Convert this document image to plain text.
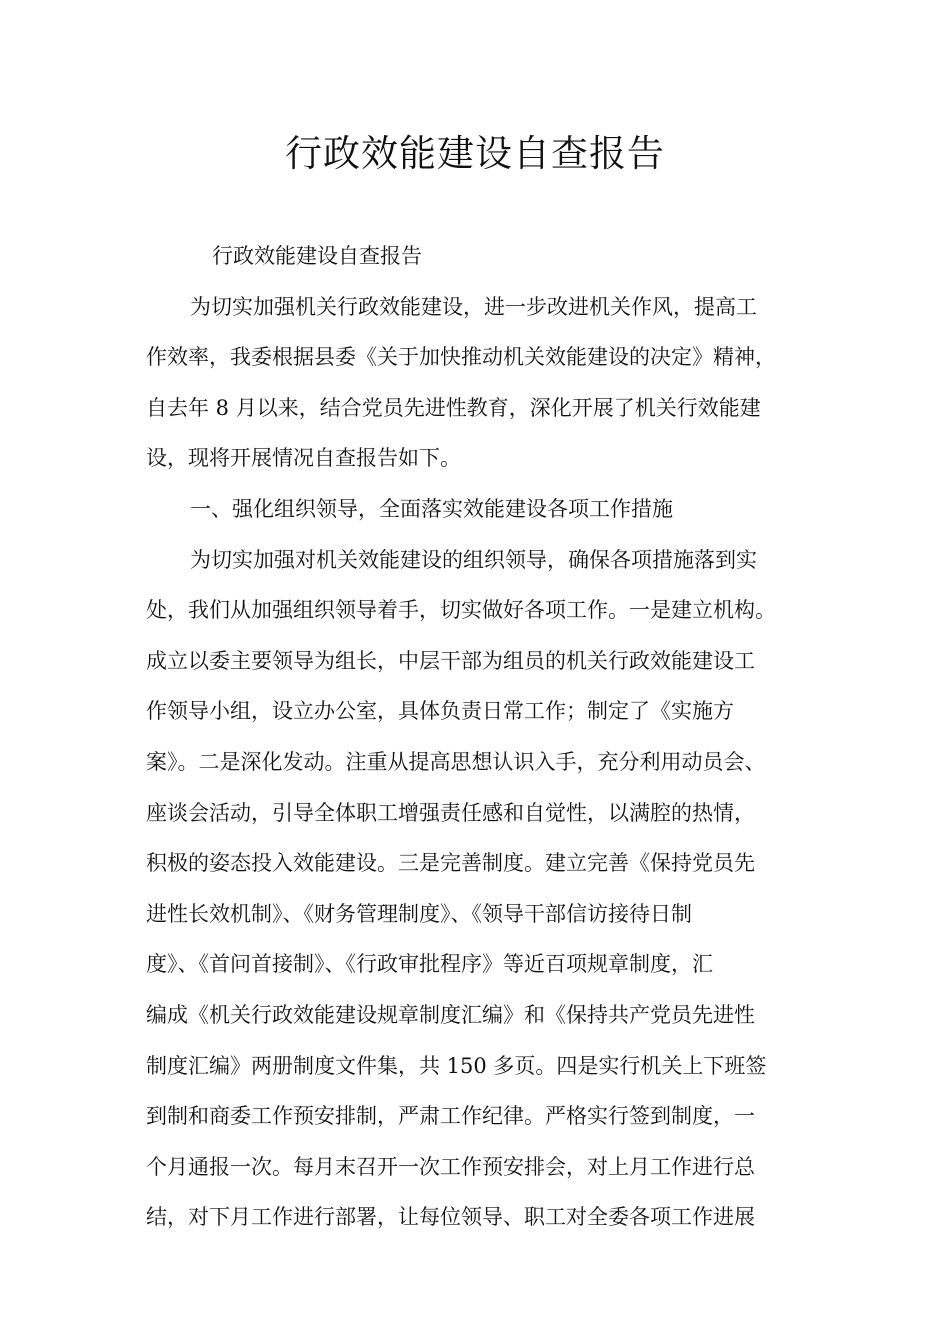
行政效能建设自查报告
行政效能建设自查报告
为切实加强机关行政效能建设，进一步改进机关作风，提高工
作效率，我委根据县委《关于加快推动机关效能建设的决定》精神，
自去年 8 月以来，结合党员先进性教育，深化开展了机关行效能建
设，现将开展情况自查报告如下。
一、强化组织领导，全面落实效能建设各项工作措施
为切实加强对机关效能建设的组织领导，确保各项措施落到实
处，我们从加强组织领导着手，切实做好各项工作。一是建立机构。
成立以委主要领导为组长，中层干部为组员的机关行政效能建设工
作领导小组，设立办公室，具体负责日常工作；制定了《实施方
案》。二是深化发动。注重从提高思想认识入手，充分利用动员会、
座谈会活动，引导全体职工增强责任感和自觉性，以满腔的热情，
积极的姿态投入效能建设。三是完善制度。建立完善《保持党员先
进性长效机制》、《财务管理制度》、《领导干部信访接待日制
度》、《首问首接制》、《行政审批程序》等近百项规章制度，汇
编成《机关行政效能建设规章制度汇编》和《保持共产党员先进性
制度汇编》两册制度文件集，共 150 多页。四是实行机关上下班签
到制和商委工作预安排制，严肃工作纪律。严格实行签到制度，一
个月通报一次。每月末召开一次工作预安排会，对上月工作进行总
结，对下月工作进行部署，让每位领导、职工对全委各项工作进展
